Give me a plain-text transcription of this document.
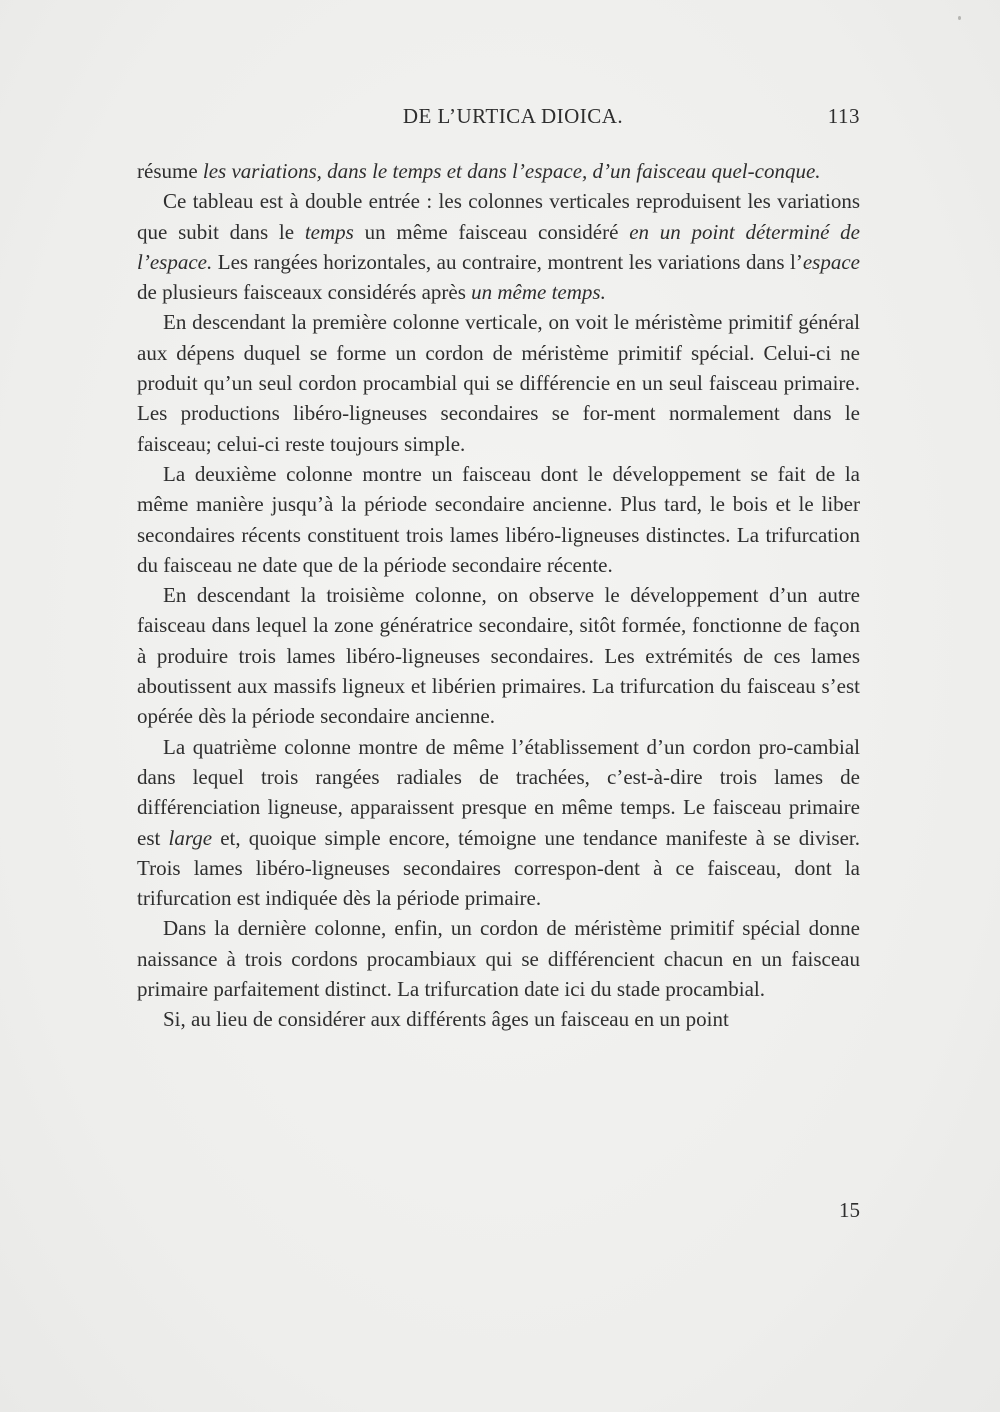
DE L’URTICA DIOICA.	113

résume les variations, dans le temps et dans l’espace, d’un faisceau quel-conque.

Ce tableau est à double entrée : les colonnes verticales reproduisent les variations que subit dans le temps un même faisceau considéré en un point déterminé de l’espace. Les rangées horizontales, au contraire, montrent les variations dans l’espace de plusieurs faisceaux considérés après un même temps.

En descendant la première colonne verticale, on voit le méristème primitif général aux dépens duquel se forme un cordon de méristème primitif spécial. Celui-ci ne produit qu’un seul cordon procambial qui se différencie en un seul faisceau primaire. Les productions libéro-ligneuses secondaires se for-ment normalement dans le faisceau; celui-ci reste toujours simple.

La deuxième colonne montre un faisceau dont le développement se fait de la même manière jusqu’à la période secondaire ancienne. Plus tard, le bois et le liber secondaires récents constituent trois lames libéro-ligneuses distinctes. La trifurcation du faisceau ne date que de la période secondaire récente.

En descendant la troisième colonne, on observe le développement d’un autre faisceau dans lequel la zone génératrice secondaire, sitôt formée, fonctionne de façon à produire trois lames libéro-ligneuses secondaires. Les extrémités de ces lames aboutissent aux massifs ligneux et libérien primaires. La trifurcation du faisceau s’est opérée dès la période secondaire ancienne.

La quatrième colonne montre de même l’établissement d’un cordon pro-cambial dans lequel trois rangées radiales de trachées, c’est-à-dire trois lames de différenciation ligneuse, apparaissent presque en même temps. Le faisceau primaire est large et, quoique simple encore, témoigne une tendance manifeste à se diviser. Trois lames libéro-ligneuses secondaires correspon-dent à ce faisceau, dont la trifurcation est indiquée dès la période primaire.

Dans la dernière colonne, enfin, un cordon de méristème primitif spécial donne naissance à trois cordons procambiaux qui se différencient chacun en un faisceau primaire parfaitement distinct. La trifurcation date ici du stade procambial.

Si, au lieu de considérer aux différents âges un faisceau en un point

15
